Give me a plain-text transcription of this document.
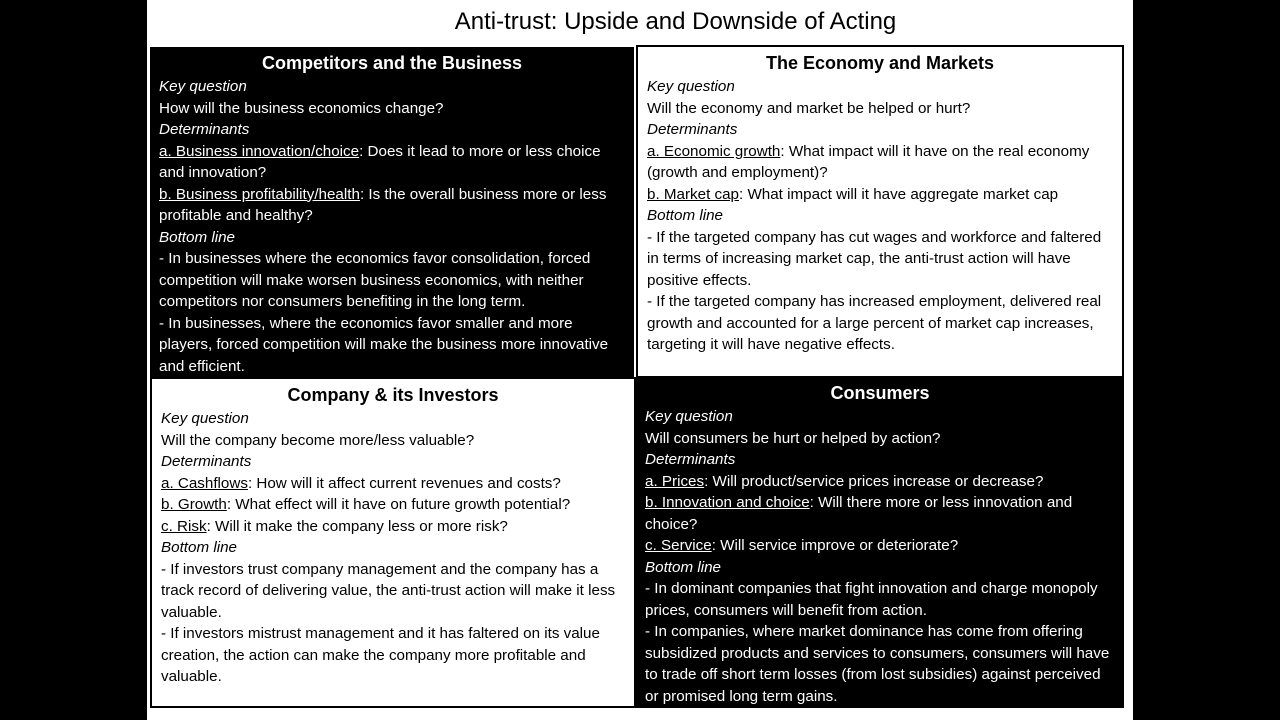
Anti-trust: Upside and Downside of Acting
Competitors and the Business
Key question
How will the business economics change?
Determinants
a. Business innovation/choice: Does it lead to more or less choice and innovation?
b. Business profitability/health: Is the overall business more or less profitable and healthy?
Bottom line
- In businesses where the economics favor consolidation, forced competition will make worsen business economics, with neither competitors nor consumers benefiting in the long term.
- In businesses, where the economics favor smaller and more players, forced competition will make the business more innovative and efficient.
The Economy and Markets
Key question
Will the economy and market be helped or hurt?
Determinants
a. Economic growth: What impact will it have on the real economy (growth and employment)?
b. Market cap: What impact will it have aggregate market cap
Bottom line
- If the targeted company has cut wages and workforce and faltered in terms of increasing market cap, the anti-trust action will have positive effects.
- If the targeted company has increased employment, delivered real growth and accounted for a large percent of market cap increases, targeting it will have negative effects.
Company & its Investors
Key question
Will the company become more/less valuable?
Determinants
a. Cashflows: How will it affect current revenues and costs?
b. Growth: What effect will it have on future growth potential?
c. Risk: Will it make the company less or more risk?
Bottom line
- If investors trust company management and the company has a track record of delivering value, the anti-trust action will make it less valuable.
- If investors mistrust management and it has faltered on its value creation, the action can make the company more profitable and valuable.
Consumers
Key question
Will consumers be hurt or helped by action?
Determinants
a. Prices: Will product/service prices increase or decrease?
b. Innovation and choice: Will there more or less innovation and choice?
c. Service: Will service improve or deteriorate?
Bottom line
- In dominant companies that fight innovation and charge monopoly prices, consumers will benefit from action.
- In companies, where market dominance has come from offering subsidized products and services to consumers, consumers will have to trade off short term losses (from lost subsidies) against perceived or promised long term gains.
